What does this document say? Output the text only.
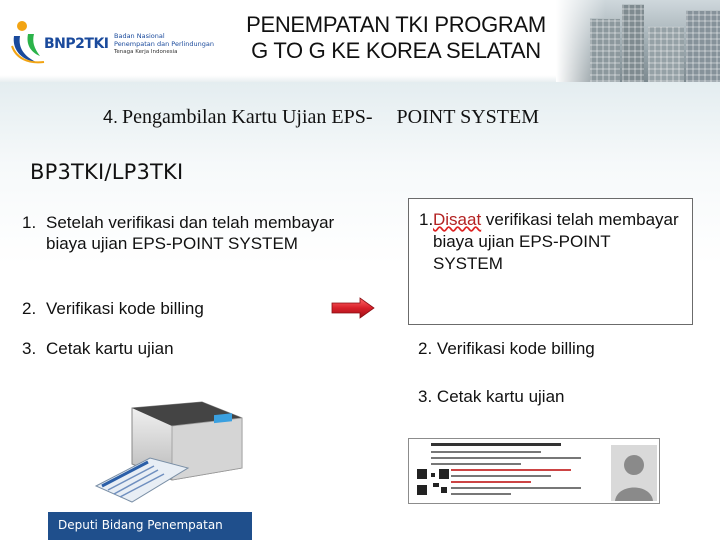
BNP2TKI Badan Nasional
Penempatan dan Perlindungan
Tenaga Kerja Indonesia
PENEMPATAN TKI PROGRAM
G TO G KE KOREA SELATAN
4. Pengambilan Kartu Ujian EPS- POINT SYSTEM
BP3TKI/LP3TKI
1. Setelah verifikasi dan telah membayar biaya ujian EPS-POINT SYSTEM
2. Verifikasi kode billing
3. Cetak kartu ujian
1. Disaat verifikasi telah membayar biaya ujian EPS-POINT SYSTEM
2. Verifikasi kode billing
3. Cetak kartu ujian
Deputi Bidang Penempatan
